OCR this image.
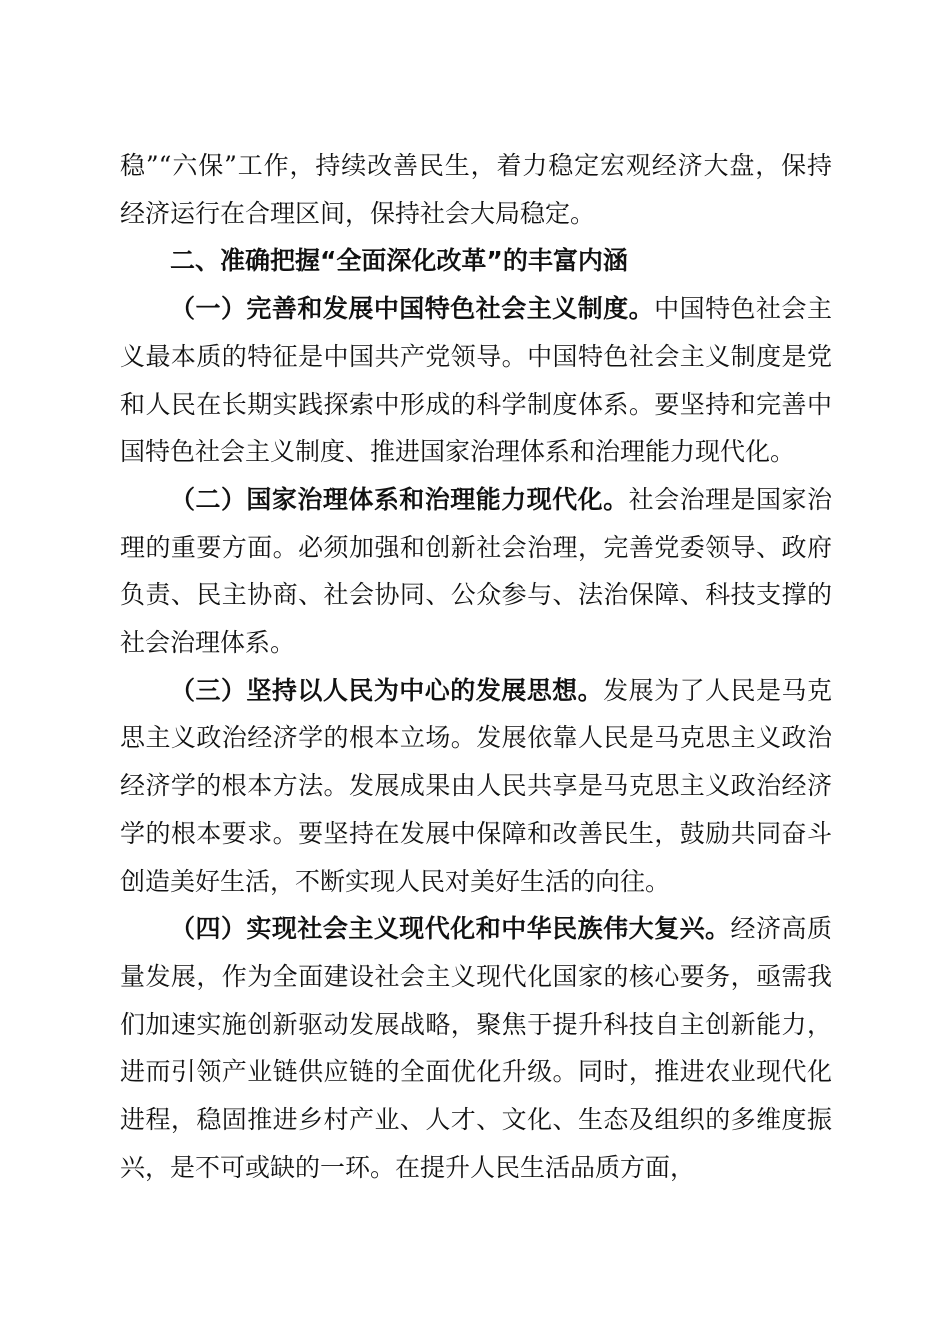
稳”“六保”工作，持续改善民生，着力稳定宏观经济大盘，保持经济运行在合理区间，保持社会大局稳定。

二、准确把握“全面深化改革”的丰富内涵

（一）完善和发展中国特色社会主义制度。中国特色社会主义最本质的特征是中国共产党领导。中国特色社会主义制度是党和人民在长期实践探索中形成的科学制度体系。要坚持和完善中国特色社会主义制度、推进国家治理体系和治理能力现代化。

（二）国家治理体系和治理能力现代化。社会治理是国家治理的重要方面。必须加强和创新社会治理，完善党委领导、政府负责、民主协商、社会协同、公众参与、法治保障、科技支撑的社会治理体系。

（三）坚持以人民为中心的发展思想。发展为了人民是马克思主义政治经济学的根本立场。发展依靠人民是马克思主义政治经济学的根本方法。发展成果由人民共享是马克思主义政治经济学的根本要求。要坚持在发展中保障和改善民生，鼓励共同奋斗创造美好生活，不断实现人民对美好生活的向往。

（四）实现社会主义现代化和中华民族伟大复兴。经济高质量发展，作为全面建设社会主义现代化国家的核心要务，亟需我们加速实施创新驱动发展战略，聚焦于提升科技自主创新能力，进而引领产业链供应链的全面优化升级。同时，推进农业现代化进程，稳固推进乡村产业、人才、文化、生态及组织的多维度振兴，是不可或缺的一环。在提升人民生活品质方面，
